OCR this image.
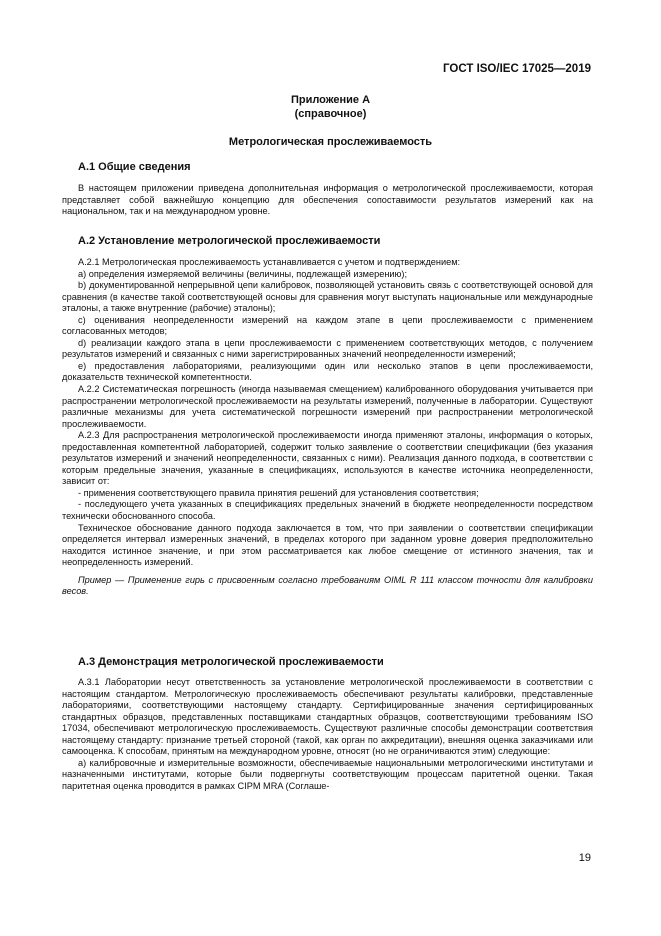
ГОСТ ISO/IEC 17025—2019
Приложение А
(справочное)
Метрологическая прослеживаемость
А.1 Общие сведения

В настоящем приложении приведена дополнительная информация о метрологической прослеживаемости, которая представляет собой важнейшую концепцию для обеспечения сопоставимости результатов измерений как на национальном, так и на международном уровне.

А.2 Установление метрологической прослеживаемости

А.2.1 Метрологическая прослеживаемость устанавливается с учетом и подтверждением:

a) определения измеряемой величины (величины, подлежащей измерению);

b) документированной непрерывной цепи калибровок, позволяющей установить связь с соответствующей основой для сравнения (в качестве такой соответствующей основы для сравнения могут выступать национальные или международные эталоны, а также внутренние (рабочие) эталоны);

c) оценивания неопределенности измерений на каждом этапе в цепи прослеживаемости с применением согласованных методов;

d) реализации каждого этапа в цепи прослеживаемости с применением соответствующих методов, с получением результатов измерений и связанных с ними зарегистрированных значений неопределенности измерений;

e) предоставления лабораториями, реализующими один или несколько этапов в цепи прослеживаемости, доказательств технической компетентности.

А.2.2 Систематическая погрешность (иногда называемая смещением) калиброванного оборудования учитывается при распространении метрологической прослеживаемости на результаты измерений, полученные в лаборатории. Существуют различные механизмы для учета систематической погрешности измерений при распространении метрологической прослеживаемости.

А.2.3 Для распространения метрологической прослеживаемости иногда применяют эталоны, информация о которых, предоставленная компетентной лабораторией, содержит только заявление о соответствии спецификации (без указания результатов измерений и значений неопределенности, связанных с ними). Реализация данного подхода, в соответствии с которым предельные значения, указанные в спецификациях, используются в качестве источника неопределенности, зависит от:

- применения соответствующего правила принятия решений для установления соответствия;

- последующего учета указанных в спецификациях предельных значений в бюджете неопределенности посредством технически обоснованного способа.

Техническое обоснование данного подхода заключается в том, что при заявлении о соответствии спецификации определяется интервал измеренных значений, в пределах которого при заданном уровне доверия предположительно находится истинное значение, и при этом рассматривается как любое смещение от истинного значения, так и неопределенность измерений.

Пример — Применение гирь с присвоенным согласно требованиям OIML R 111 классом точности для калибровки весов.

А.3 Демонстрация метрологической прослеживаемости

А.3.1 Лаборатории несут ответственность за установление метрологической прослеживаемости в соответствии с настоящим стандартом. Метрологическую прослеживаемость обеспечивают результаты калибровки, представленные лабораториями, соответствующими настоящему стандарту. Сертифицированные значения сертифицированных стандартных образцов, представленных поставщиками стандартных образцов, соответствующими требованиям ISO 17034, обеспечивают метрологическую прослеживаемость. Существуют различные способы демонстрации соответствия настоящему стандарту: признание третьей стороной (такой, как орган по аккредитации), внешняя оценка заказчиками или самооценка. К способам, принятым на международном уровне, относят (но не ограничиваются этим) следующие:

а) калибровочные и измерительные возможности, обеспечиваемые национальными метрологическими институтами и назначенными институтами, которые были подвергнуты соответствующим процессам паритетной оценки. Такая паритетная оценка проводится в рамках CIPM MRA (Соглаше-

19
